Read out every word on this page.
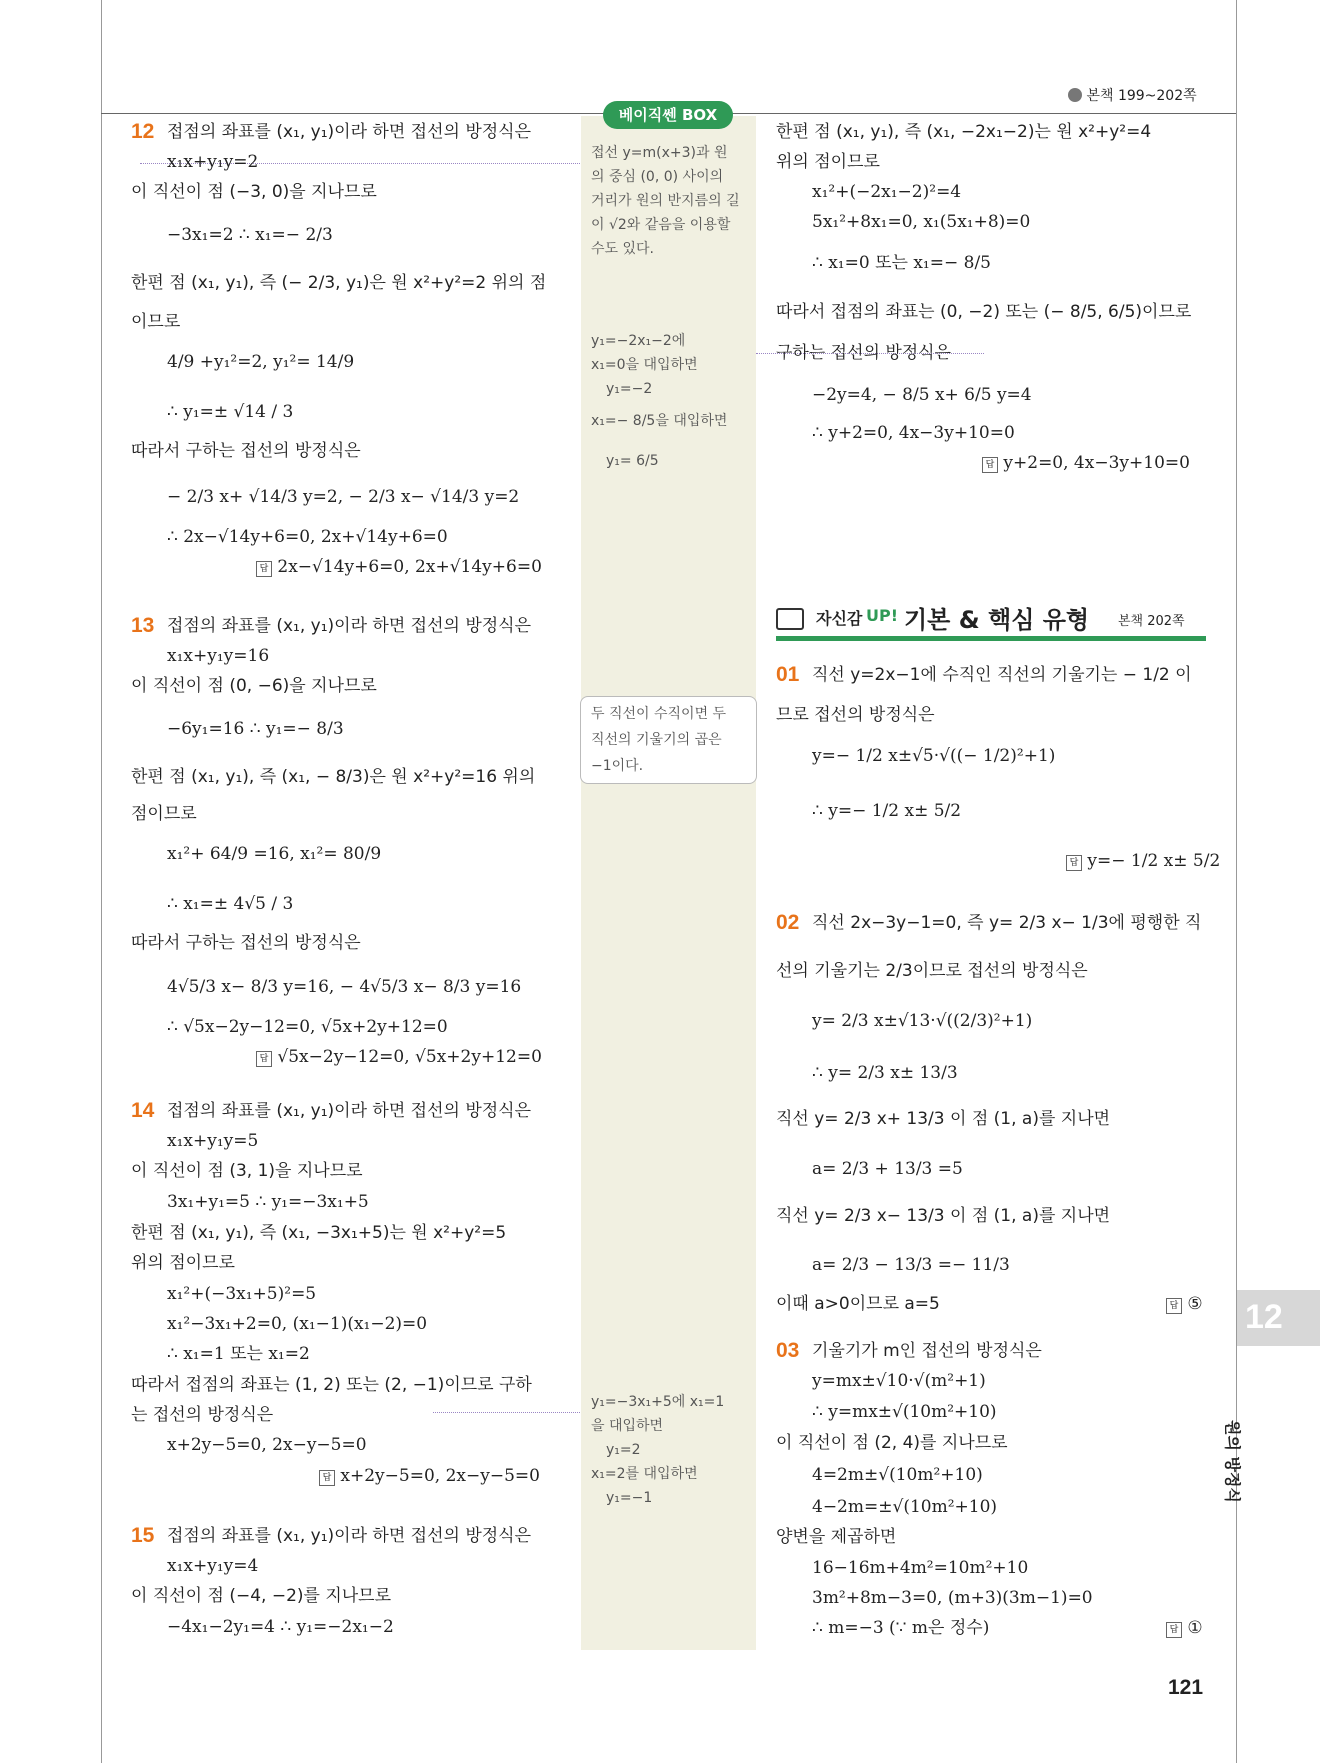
본책 199~202쪽
베이직쎈 BOX
접선 y=m(x+3)과 원
의 중심 (0, 0) 사이의
거리가 원의 반지름의 길
이 √2와 같음을 이용할
수도 있다.
y₁=−2x₁−2에
x₁=0을 대입하면
y₁=−2
x₁=− 8/5을 대입하면
y₁= 6/5
y₁=−3x₁+5에 x₁=1
을 대입하면
y₁=2
x₁=2를 대입하면
y₁=−1
두 직선이 수직이면 두
직선의 기울기의 곱은
−1이다.
자신감 UP! 기본 & 핵심 유형 본책 202쪽
12
원의 방정식
12 접점의 좌표를 (x₁, y₁)이라 하면 접선의 방정식은
x₁x+y₁y=2
이 직선이 점 (−3, 0)을 지나므로
−3x₁=2 ∴ x₁=− 2/3
한편 점 (x₁, y₁), 즉 (− 2/3, y₁)은 원 x²+y²=2 위의 점
이므로
4/9 +y₁²=2, y₁²= 14/9
∴ y₁=± √14 / 3
따라서 구하는 접선의 방정식은
− 2/3 x+ √14/3 y=2, − 2/3 x− √14/3 y=2
∴ 2x−√14y+6=0, 2x+√14y+6=0
답 2x−√14y+6=0, 2x+√14y+6=0
13 접점의 좌표를 (x₁, y₁)이라 하면 접선의 방정식은
x₁x+y₁y=16
이 직선이 점 (0, −6)을 지나므로
−6y₁=16 ∴ y₁=− 8/3
한편 점 (x₁, y₁), 즉 (x₁, − 8/3)은 원 x²+y²=16 위의
점이므로
x₁²+ 64/9 =16, x₁²= 80/9
∴ x₁=± 4√5 / 3
따라서 구하는 접선의 방정식은
4√5/3 x− 8/3 y=16, − 4√5/3 x− 8/3 y=16
∴ √5x−2y−12=0, √5x+2y+12=0
답 √5x−2y−12=0, √5x+2y+12=0
14 접점의 좌표를 (x₁, y₁)이라 하면 접선의 방정식은
x₁x+y₁y=5
이 직선이 점 (3, 1)을 지나므로
3x₁+y₁=5 ∴ y₁=−3x₁+5
한편 점 (x₁, y₁), 즉 (x₁, −3x₁+5)는 원 x²+y²=5
위의 점이므로
x₁²+(−3x₁+5)²=5
x₁²−3x₁+2=0, (x₁−1)(x₁−2)=0
∴ x₁=1 또는 x₁=2
따라서 접점의 좌표는 (1, 2) 또는 (2, −1)이므로 구하
는 접선의 방정식은
x+2y−5=0, 2x−y−5=0
답 x+2y−5=0, 2x−y−5=0
15 접점의 좌표를 (x₁, y₁)이라 하면 접선의 방정식은
x₁x+y₁y=4
이 직선이 점 (−4, −2)를 지나므로
−4x₁−2y₁=4 ∴ y₁=−2x₁−2
한편 점 (x₁, y₁), 즉 (x₁, −2x₁−2)는 원 x²+y²=4
위의 점이므로
x₁²+(−2x₁−2)²=4
5x₁²+8x₁=0, x₁(5x₁+8)=0
∴ x₁=0 또는 x₁=− 8/5
따라서 접점의 좌표는 (0, −2) 또는 (− 8/5, 6/5)이므로
구하는 접선의 방정식은
−2y=4, − 8/5 x+ 6/5 y=4
∴ y+2=0, 4x−3y+10=0
답 y+2=0, 4x−3y+10=0
01 직선 y=2x−1에 수직인 직선의 기울기는 − 1/2 이
므로 접선의 방정식은
y=− 1/2 x±√5·√((− 1/2)²+1)
∴ y=− 1/2 x± 5/2
답 y=− 1/2 x± 5/2
02 직선 2x−3y−1=0, 즉 y= 2/3 x− 1/3에 평행한 직
선의 기울기는 2/3이므로 접선의 방정식은
y= 2/3 x±√13·√((2/3)²+1)
∴ y= 2/3 x± 13/3
직선 y= 2/3 x+ 13/3 이 점 (1, a)를 지나면
a= 2/3 + 13/3 =5
직선 y= 2/3 x− 13/3 이 점 (1, a)를 지나면
a= 2/3 − 13/3 =− 11/3
이때 a>0이므로 a=5	답 ⑤
03 기울기가 m인 접선의 방정식은
y=mx±√10·√(m²+1)
∴ y=mx±√(10m²+10)
이 직선이 점 (2, 4)를 지나므로
4=2m±√(10m²+10)
4−2m=±√(10m²+10)
양변을 제곱하면
16−16m+4m²=10m²+10
3m²+8m−3=0, (m+3)(3m−1)=0
∴ m=−3 (∵ m은 정수)	답 ①
121
